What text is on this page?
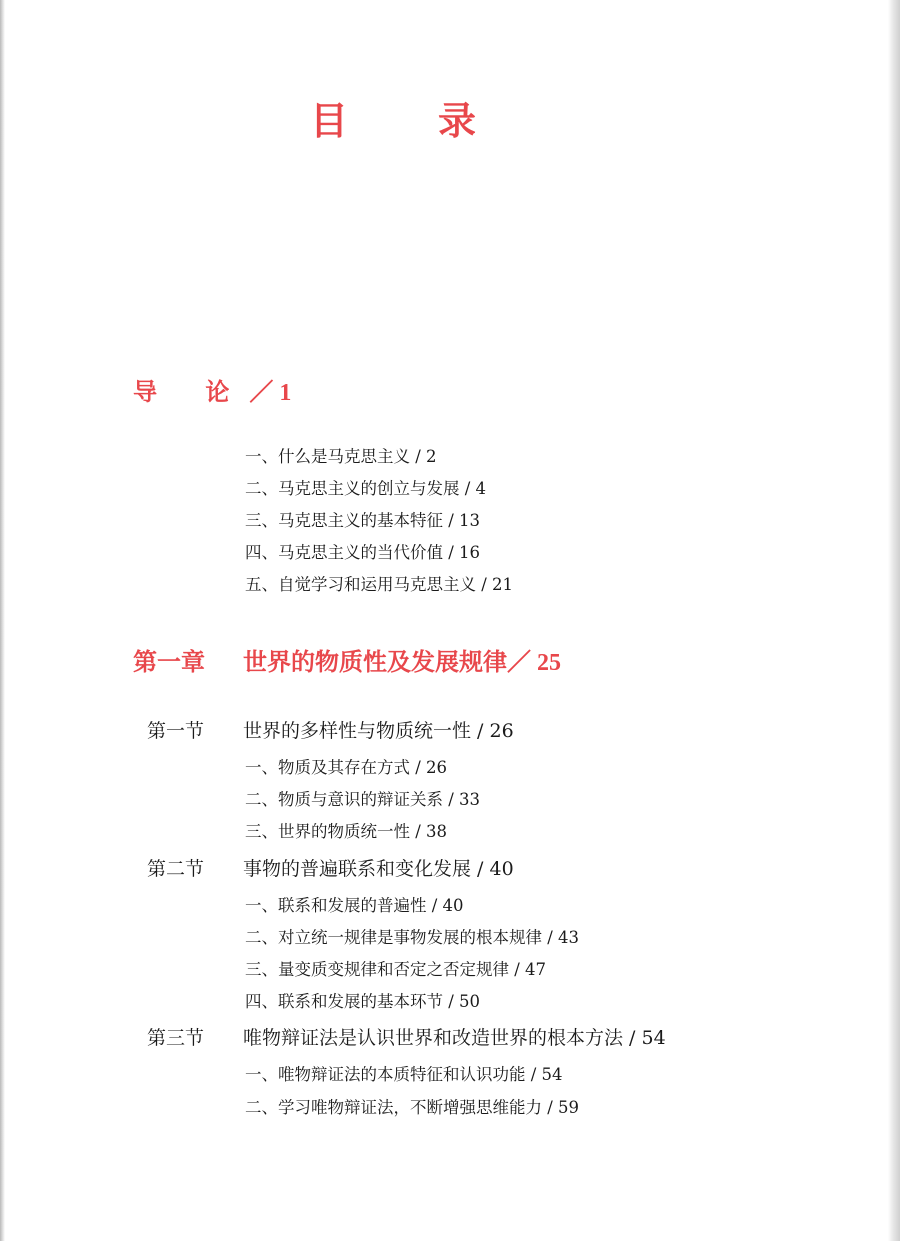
目　录
导 论／ 1
一、什么是马克思主义 / 2
二、马克思主义的创立与发展 / 4
三、马克思主义的基本特征 / 13
四、马克思主义的当代价值 / 16
五、自觉学习和运用马克思主义 / 21
第一章 世界的物质性及发展规律／ 25
第一节 世界的多样性与物质统一性 / 26
一、物质及其存在方式 / 26
二、物质与意识的辩证关系 / 33
三、世界的物质统一性 / 38
第二节 事物的普遍联系和变化发展 / 40
一、联系和发展的普遍性 / 40
二、对立统一规律是事物发展的根本规律 / 43
三、量变质变规律和否定之否定规律 / 47
四、联系和发展的基本环节 / 50
第三节 唯物辩证法是认识世界和改造世界的根本方法 / 54
一、唯物辩证法的本质特征和认识功能 / 54
二、学习唯物辩证法，不断增强思维能力 / 59
